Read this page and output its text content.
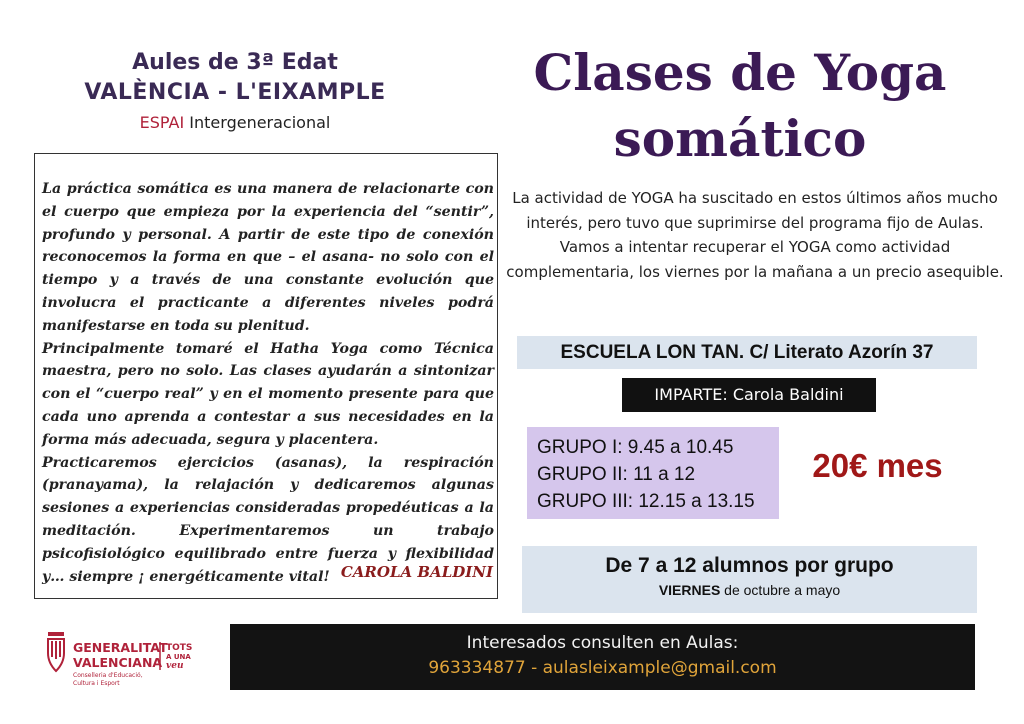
Aules de 3ª Edat
VALÈNCIA - L'EIXAMPLE
ESPAI Intergeneracional
Clases de Yoga
somático

La práctica somática es una manera de relacionarte con el cuerpo que empieza por la experiencia del “sentir”, profundo y personal. A partir de este tipo de conexión reconocemos la forma en que – el asana- no solo con el tiempo y a través de una constante evolución que involucra el practicante a diferentes niveles podrá manifestarse en toda su plenitud.

Principalmente tomaré el Hatha Yoga como Técnica maestra, pero no solo. Las clases ayudarán a sintonizar con el “cuerpo real” y en el momento presente para que cada uno aprenda a contestar a sus necesidades en la forma más adecuada, segura y placentera.

Practicaremos ejercicios (asanas), la respiración (pranayama), la relajación y dedicaremos algunas sesiones a experiencias consideradas propedéuticas a la meditación. Experimentaremos un trabajo psicofisiológico equilibrado entre fuerza y flexibilidad y… siempre ¡ energéticamente vital! CAROLA BALDINI

La actividad de YOGA ha suscitado en estos últimos años mucho interés, pero tuvo que suprimirse del programa fijo de Aulas.

Vamos a intentar recuperar el YOGA como actividad complementaria, los viernes por la mañana a un precio asequible.

ESCUELA LON TAN. C/ Literato Azorín 37
IMPARTE: Carola Baldini
GRUPO I: 9.45 a 10.45
GRUPO II: 11 a 12
GRUPO III: 12.15 a 13.15
20€ mes
De 7 a 12 alumnos por grupo
VIERNES de octubre a mayo
Interesados consulten en Aulas:
963334877 - aulasleixample@gmail.com
TOTS
A UNA
veu
GENERALITAT
VALENCIANA
Conselleria d'Educació,
Cultura i Esport
